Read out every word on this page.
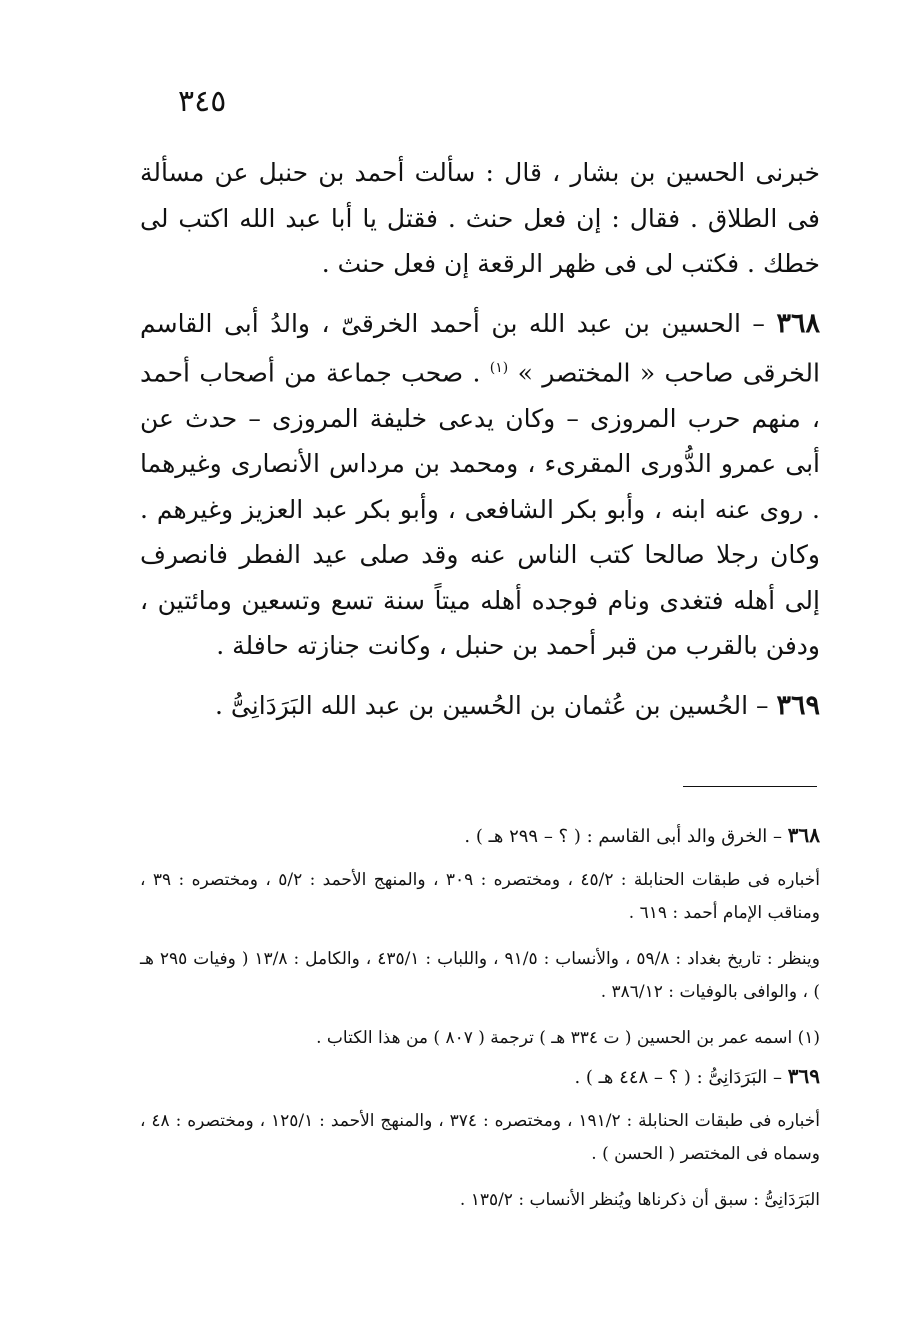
٣٤٥

خبرنى الحسين بن بشار ، قال : سألت أحمد بن حنبل عن مسألة فى الطلاق . فقال : إن فعل حنث . فقتل يا أبا عبد الله اكتب لى خطك . فكتب لى فى ظهر الرقعة إن فعل حنث .

٣٦٨ – الحسين بن عبد الله بن أحمد الخرقىّ ، والدُ أبى القاسم الخرقى صاحب « المختصر » $^{(١)}$ . صحب جماعة من أصحاب أحمد ، منهم حرب المروزى – وكان يدعى خليفة المروزى – حدث عن أبى عمرو الدُّورى المقرىء ، ومحمد بن مرداس الأنصارى وغيرهما . روى عنه ابنه ، وأبو بكر الشافعى ، وأبو بكر عبد العزيز وغيرهم . وكان رجلا صالحا كتب الناس عنه وقد صلى عيد الفطر فانصرف إلى أهله فتغدى ونام فوجده أهله ميتاً سنة تسع وتسعين ومائتين ، ودفن بالقرب من قبر أحمد بن حنبل ، وكانت جنازته حافلة .

٣٦٩ – الحُسين بن عُثمان بن الحُسين بن عبد الله البَرَدَانِىُّ .

٣٦٨ – الخرق والد أبى القاسم : ( ؟ – ٢٩٩ هـ ) .

أخباره فى طبقات الحنابلة : ٤٥/٢ ، ومختصره : ٣٠٩ ، والمنهج الأحمد : ٥/٢ ، ومختصره : ٣٩ ، ومناقب الإمام أحمد : ٦١٩ .

وينظر : تاريخ بغداد : ٥٩/٨ ، والأنساب : ٩١/٥ ، واللباب : ٤٣٥/١ ، والكامل : ١٣/٨ ( وفيات ٢٩٥ هـ ) ، والوافى بالوفيات : ٣٨٦/١٢ .

(١) اسمه عمر بن الحسين ( ت ٣٣٤ هـ ) ترجمة ( ٨٠٧ ) من هذا الكتاب .

٣٦٩ – البَرَدَانِىُّ : ( ؟ – ٤٤٨ هـ ) .

أخباره فى طبقات الحنابلة : ١٩١/٢ ، ومختصره : ٣٧٤ ، والمنهج الأحمد : ١٢٥/١ ، ومختصره : ٤٨ ، وسماه فى المختصر ( الحسن ) .

البَرَدَانِىُّ : سبق أن ذكرناها ويُنظر الأنساب : ١٣٥/٢ .
